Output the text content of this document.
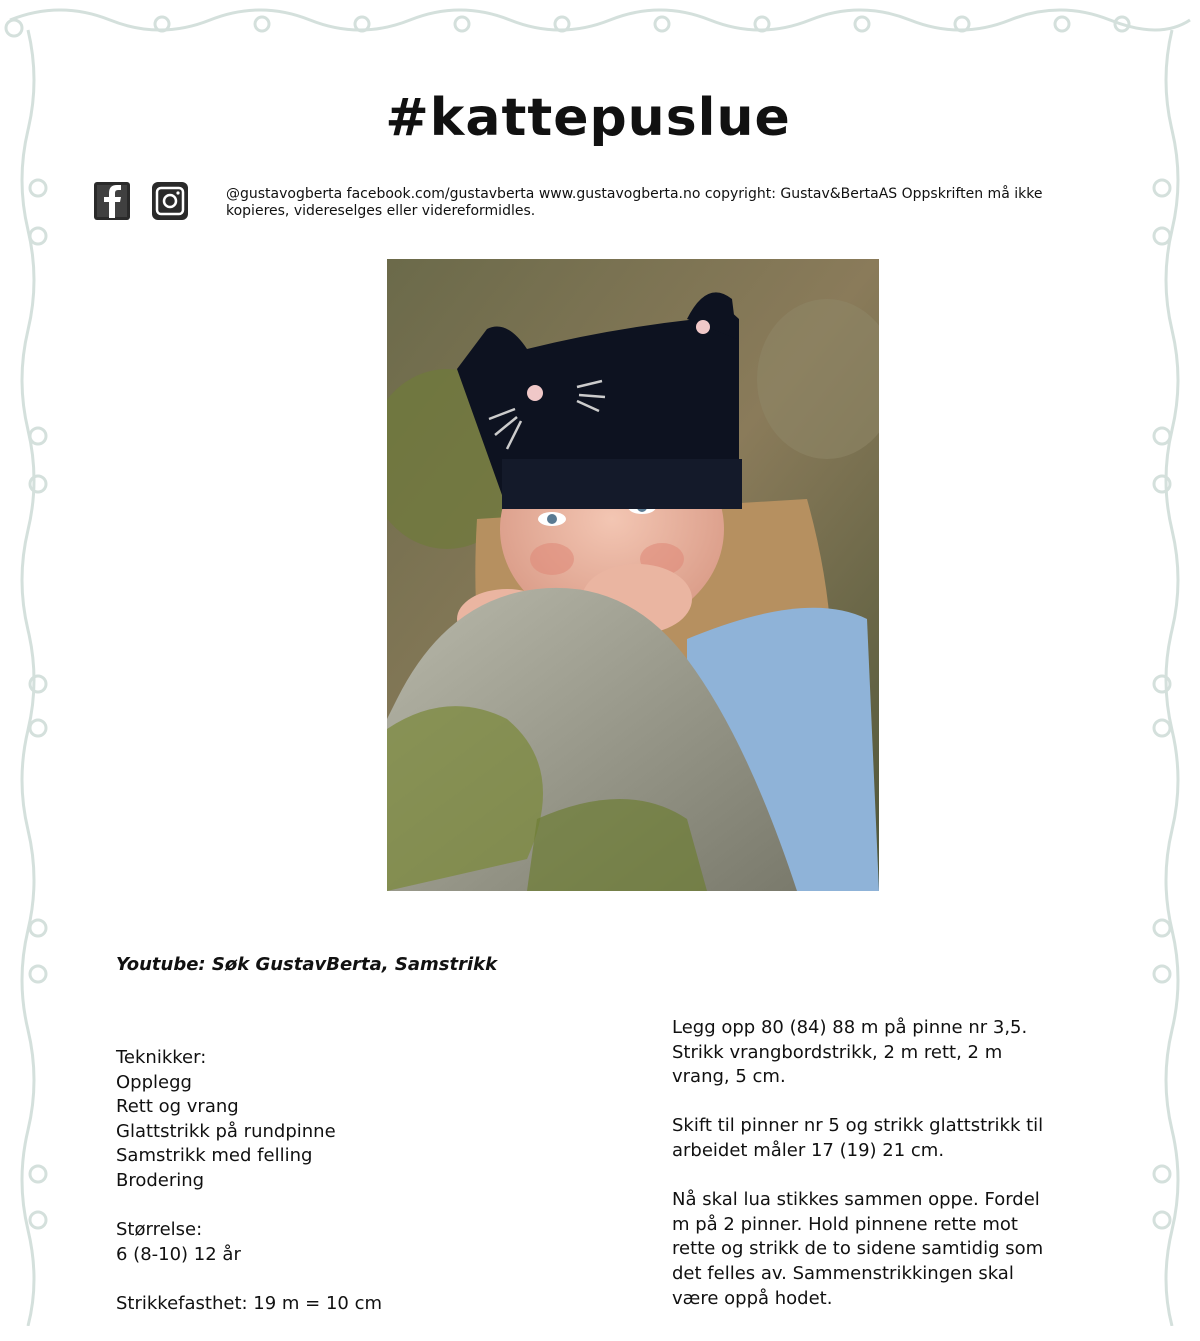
#kattepuslue
@gustavogberta facebook.com/gustavberta www.gustavogberta.no copyright: Gustav&BertaAS Oppskriften må ikke kopieres, videreselges eller videreformidles.
Youtube: Søk GustavBerta, Samstrikk

Teknikker:
Opplegg
Rett og vrang
Glattstrikk på rundpinne
Samstrikk med felling
Brodering

Størrelse:
6 (8-10) 12 år

Strikkefasthet: 19 m = 10 cm

Legg opp 80 (84) 88 m på pinne nr 3,5. Strikk vrangbordstrikk, 2 m rett, 2 m vrang, 5 cm.

Skift til pinner nr 5 og strikk glattstrikk til arbeidet måler 17 (19) 21 cm.

Nå skal lua stikkes sammen oppe. Fordel m på 2 pinner. Hold pinnene rette mot rette og strikk de to sidene samtidig som det felles av. Sammenstrikkingen skal være oppå hodet.
